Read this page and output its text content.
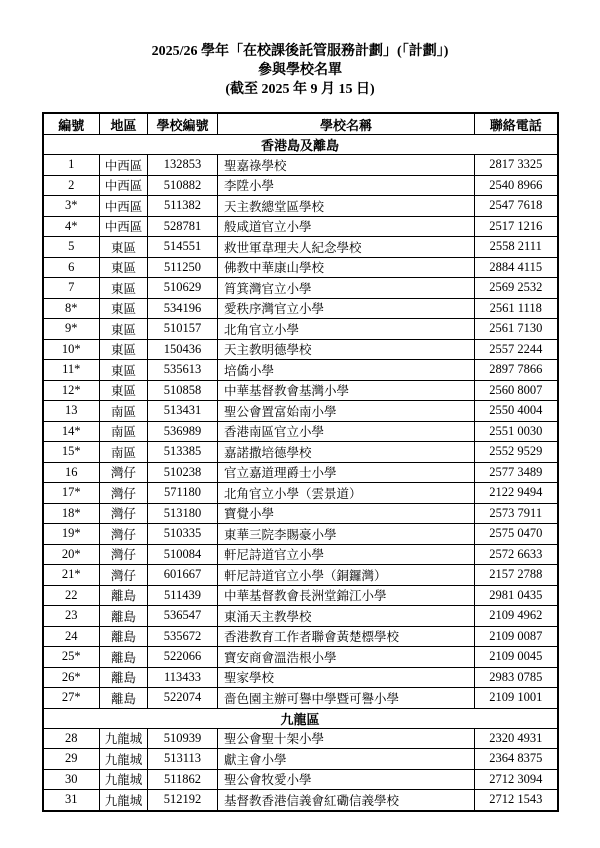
2025/26 學年「在校課後託管服務計劃」(「計劃」)
參與學校名單
(截至 2025 年 9 月 15 日)
編號	地區	學校編號	學校名稱	聯絡電話
香港島及離島				
1	中西區	132853	聖嘉祿學校	2817 3325
2	中西區	510882	李陞小學	2540 8966
3*	中西區	511382	天主教總堂區學校	2547 7618
4*	中西區	528781	般咸道官立小學	2517 1216
5	東區	514551	救世軍韋理夫人紀念學校	2558 2111
6	東區	511250	佛教中華康山學校	2884 4115
7	東區	510629	筲箕灣官立小學	2569 2532
8*	東區	534196	愛秩序灣官立小學	2561 1118
9*	東區	510157	北角官立小學	2561 7130
10*	東區	150436	天主教明德學校	2557 2244
11*	東區	535613	培僑小學	2897 7866
12*	東區	510858	中華基督教會基灣小學	2560 8007
13	南區	513431	聖公會置富始南小學	2550 4004
14*	南區	536989	香港南區官立小學	2551 0030
15*	南區	513385	嘉諾撒培德學校	2552 9529
16	灣仔	510238	官立嘉道理爵士小學	2577 3489
17*	灣仔	571180	北角官立小學（雲景道）	2122 9494
18*	灣仔	513180	寶覺小學	2573 7911
19*	灣仔	510335	東華三院李賜豪小學	2575 0470
20*	灣仔	510084	軒尼詩道官立小學	2572 6633
21*	灣仔	601667	軒尼詩道官立小學（銅鑼灣）	2157 2788
22	離島	511439	中華基督教會長洲堂錦江小學	2981 0435
23	離島	536547	東涌天主教學校	2109 4962
24	離島	535672	香港教育工作者聯會黃楚標學校	2109 0087
25*	離島	522066	寶安商會溫浩根小學	2109 0045
26*	離島	113433	聖家學校	2983 0785
27*	離島	522074	嗇色園主辦可譽中學暨可譽小學	2109 1001
九龍區				
28	九龍城	510939	聖公會聖十架小學	2320 4931
29	九龍城	513113	獻主會小學	2364 8375
30	九龍城	511862	聖公會牧愛小學	2712 3094
31	九龍城	512192	基督教香港信義會紅磡信義學校	2712 1543
